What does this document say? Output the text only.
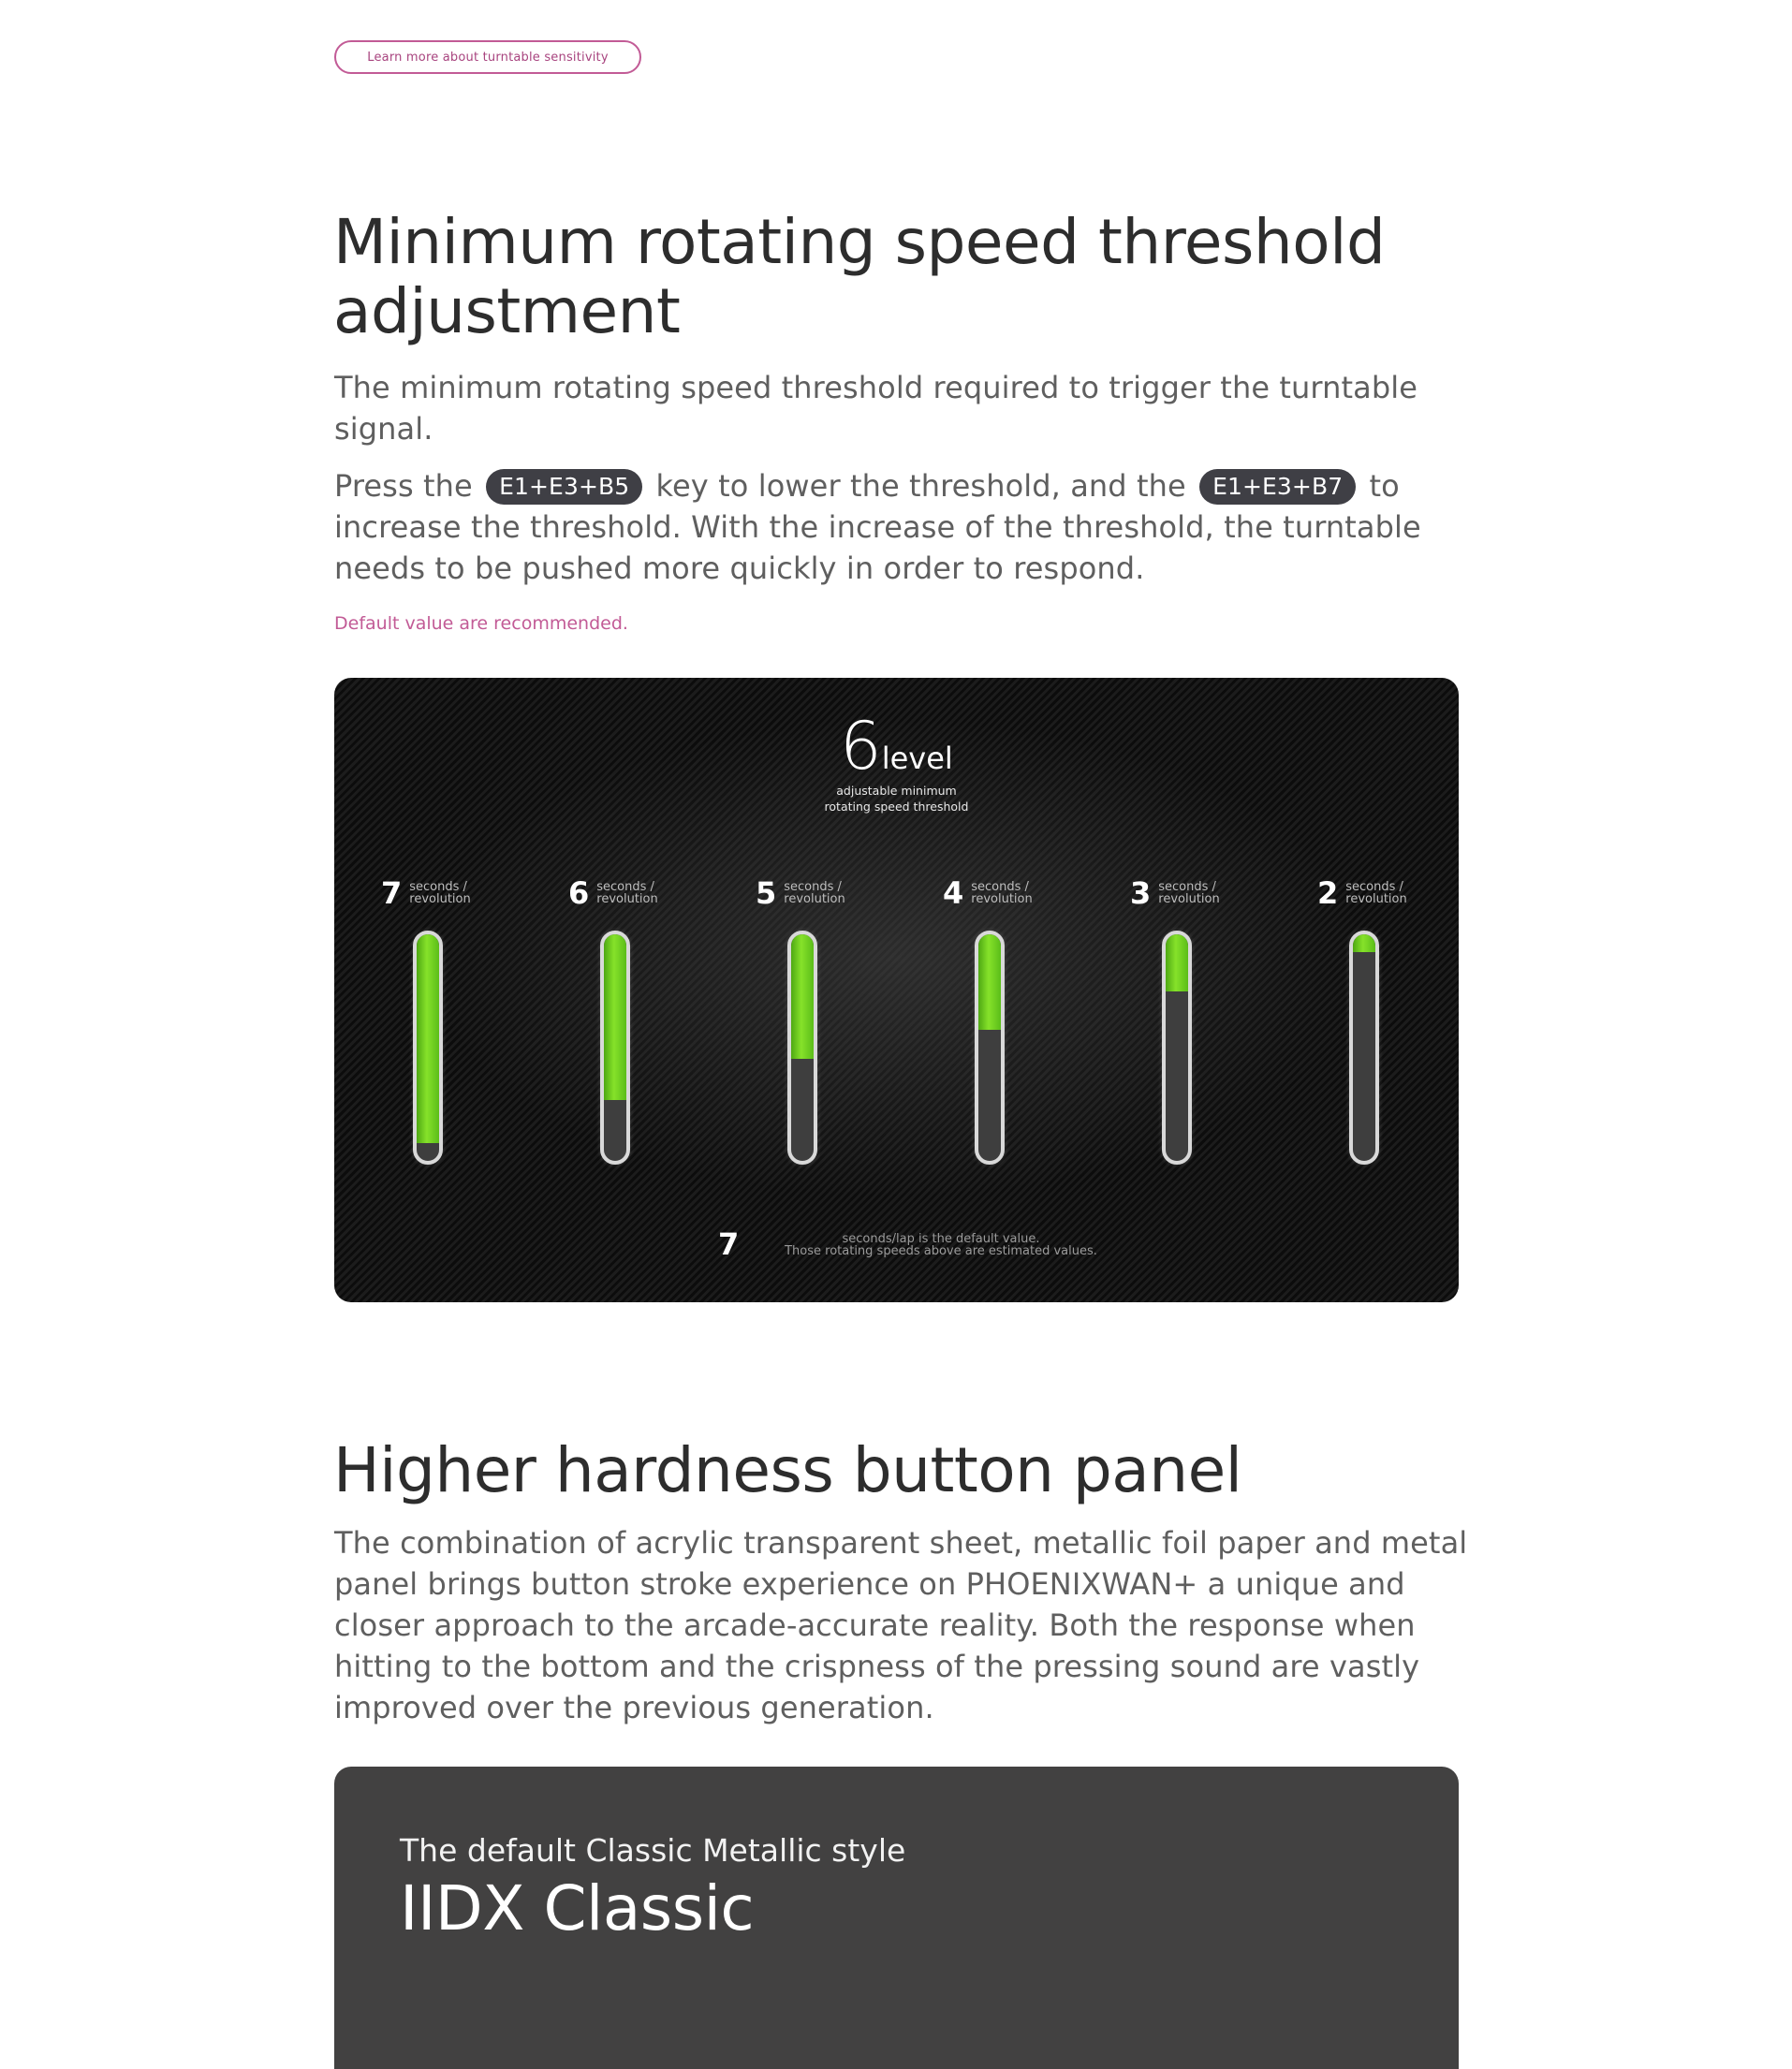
Learn more about turntable sensitivity
Minimum rotating speed threshold adjustment

The minimum rotating speed threshold required to trigger the turntable signal.

Press the E1+E3+B5 key to lower the threshold, and the E1+E3+B7 to increase the threshold. With the increase of the threshold, the turntable needs to be pushed more quickly in order to respond.

Default value are recommended.
6level
adjustable minimum
rotating speed threshold
7 seconds /
revolution	6 seconds /
revolution	5 seconds /
revolution	4 seconds /
revolution	3 seconds /
revolution	2 seconds /
revolution
7	seconds/lap is the default value.
Those rotating speeds above are estimated values.
Higher hardness button panel

The combination of acrylic transparent sheet, metallic foil paper and metal panel brings button stroke experience on PHOENIXWAN+ a unique and closer approach to the arcade-accurate reality. Both the response when hitting to the bottom and the crispness of the pressing sound are vastly improved over the previous generation.

The default Classic Metallic style
IIDX Classic
